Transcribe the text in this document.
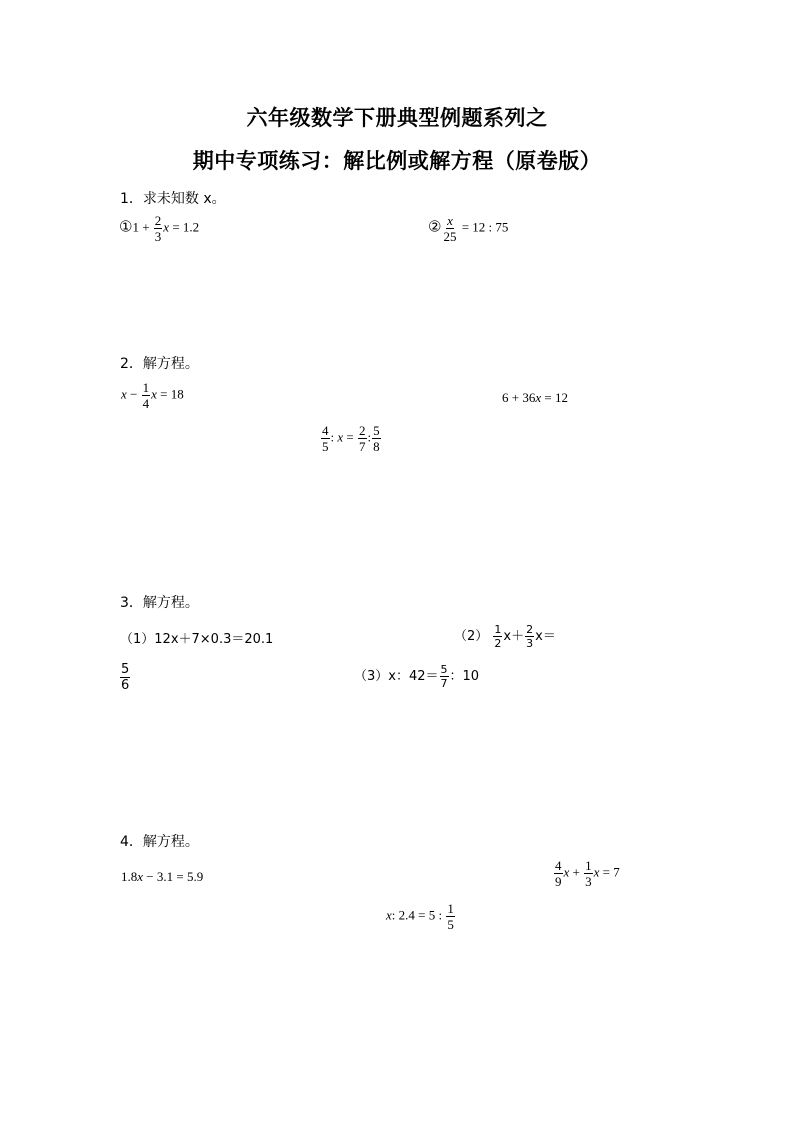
六年级数学下册典型例题系列之
期中专项练习：解比例或解方程（原卷版）
1．求未知数 x。
①1 + $\frac{2}{3}$ x = 1.2	② $\frac{x}{25} = 12$ : 75
2．解方程。
$x - \frac{1}{4}$ x = 18	6 + 36x = 12
$\frac{4}{5}$ : $x = \frac{2}{7}$ : $\frac{5}{8}$
3．解方程。
（1）12x＋7×0.3＝20.1	$(2) \frac{1}{2} x+ \frac{2}{3} x=$
$\frac{5}{6}$	（3）x：$42= \frac{5}{7}$ ：10
4．解方程。
1.8x − 3.1 = 5.9	$\frac{4}{9}$ $x + \frac{1}{3}$ x = 7
x: 2.4 = 5 : $\frac{1}{5}$
